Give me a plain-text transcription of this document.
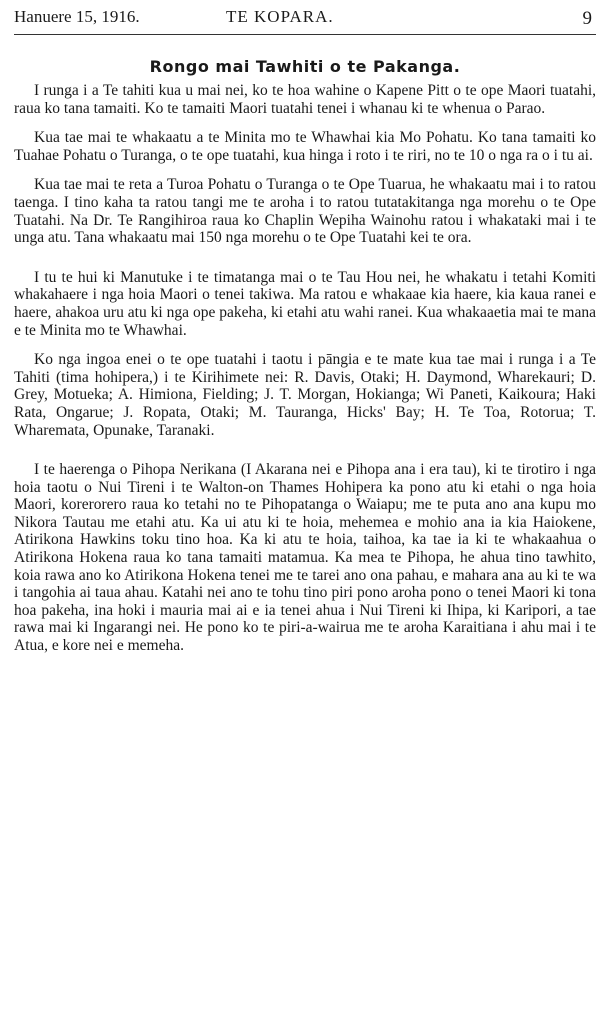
Hanuere 15, 1916.	TE KOPARA.	9
Rongo mai Tawhiti o te Pakanga.

I runga i a Te tahiti kua u mai nei, ko te hoa wahine o Kapene Pitt o te ope Maori tuatahi, raua ko tana tamaiti. Ko te tamaiti Maori tuatahi tenei i whanau ki te whenua o Parao.

Kua tae mai te whakaatu a te Minita mo te Whawhai kia Mo Pohatu. Ko tana tamaiti ko Tuahae Pohatu o Turanga, o te ope tuatahi, kua hinga i roto i te riri, no te 10 o nga ra o i tu ai.

Kua tae mai te reta a Turoa Pohatu o Turanga o te Ope Tuarua, he whakaatu mai i to ratou taenga. I tino kaha ta ratou tangi me te aroha i to ratou tutatakitanga nga morehu o te Ope Tuatahi. Na Dr. Te Rangihiroa raua ko Chaplin Wepiha Wainohu ratou i whakataki mai i te unga atu. Tana whakaatu mai 150 nga morehu o te Ope Tuatahi kei te ora.

I tu te hui ki Manutuke i te timatanga mai o te Tau Hou nei, he whakatu i tetahi Komiti whakahaere i nga hoia Maori o tenei takiwa. Ma ratou e whakaae kia haere, kia kaua ranei e haere, ahakoa uru atu ki nga ope pakeha, ki etahi atu wahi ranei. Kua whakaaetia mai te mana e te Minita mo te Whawhai.

Ko nga ingoa enei o te ope tuatahi i taotu i pāngia e te mate kua tae mai i runga i a Te Tahiti (tima hohipera,) i te Kirihimete nei: R. Davis, Otaki; H. Daymond, Wharekauri; D. Grey, Motueka; A. Himiona, Fielding; J. T. Morgan, Hokianga; Wi Paneti, Kaikoura; Haki Rata, Ongarue; J. Ropata, Otaki; M. Tauranga, Hicks' Bay; H. Te Toa, Rotorua; T. Wharemata, Opunake, Taranaki.

I te haerenga o Pihopa Nerikana (I Akarana nei e Pihopa ana i era tau), ki te tirotiro i nga hoia taotu o Nui Tireni i te Walton-on Thames Hohipera ka pono atu ki etahi o nga hoia Maori, korerorero raua ko tetahi no te Pihopatanga o Waiapu; me te puta ano ana kupu mo Nikora Tautau me etahi atu. Ka ui atu ki te hoia, mehemea e mohio ana ia kia Haiokene, Atirikona Hawkins toku tino hoa. Ka ki atu te hoia, taihoa, ka tae ia ki te whakaahua o Atirikona Hokena raua ko tana tamaiti matamua. Ka mea te Pihopa, he ahua tino tawhito, koia rawa ano ko Atirikona Hokena tenei me te tarei ano ona pahau, e mahara ana au ki te wa i tangohia ai taua ahau. Katahi nei ano te tohu tino piri pono aroha pono o tenei Maori ki tona hoa pakeha, ina hoki i mauria mai ai e ia tenei ahua i Nui Tireni ki Ihipa, ki Karipori, a tae rawa mai ki Ingarangi nei. He pono ko te piri-a-wairua me te aroha Karaitiana i ahu mai i te Atua, e kore nei e memeha.
